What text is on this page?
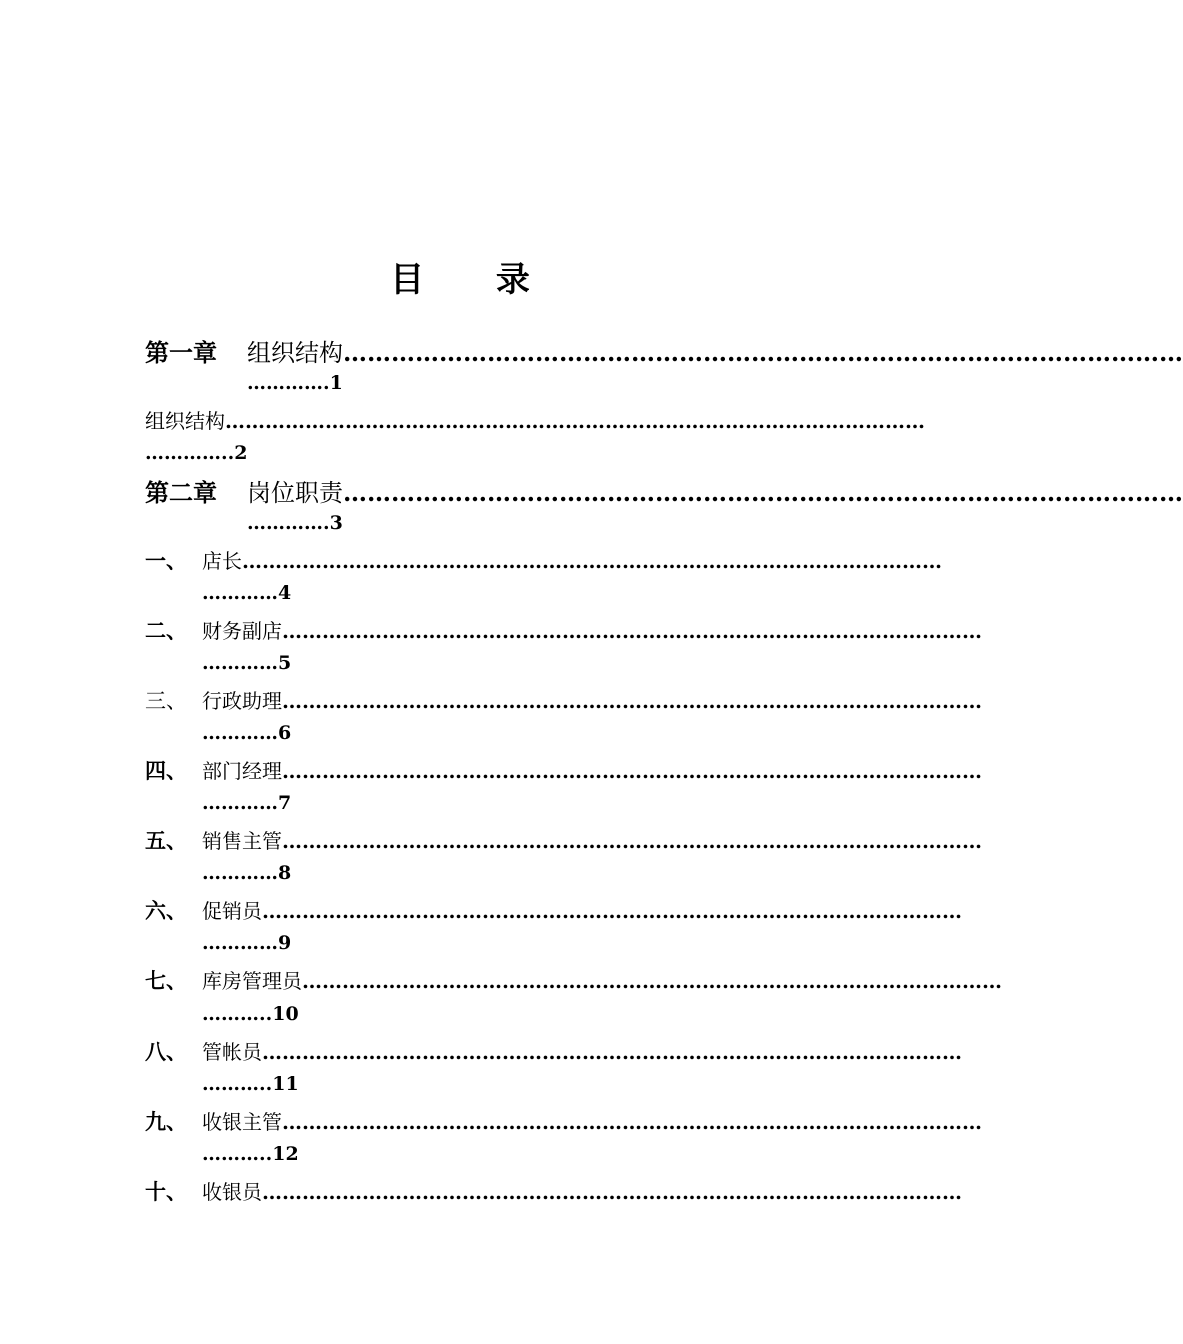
目 录
第一章 组织结构……………………………………………………………………………………………
………….1
组织结构……………………………………………………………………………………………
…………..2
第二章 岗位职责……………………………………………………………………………………………
………….3
一、 店长……………………………………………………………………………………………
…………4
二、 财务副店……………………………………………………………………………………………
…………5
三、 行政助理……………………………………………………………………………………………
…………6
四、 部门经理……………………………………………………………………………………………
…………7
五、 销售主管……………………………………………………………………………………………
…………8
六、 促销员……………………………………………………………………………………………
…………9
七、 库房管理员……………………………………………………………………………………………
………..10
八、 管帐员……………………………………………………………………………………………
………..11
九、 收银主管……………………………………………………………………………………………
………..12
十、 收银员……………………………………………………………………………………………
